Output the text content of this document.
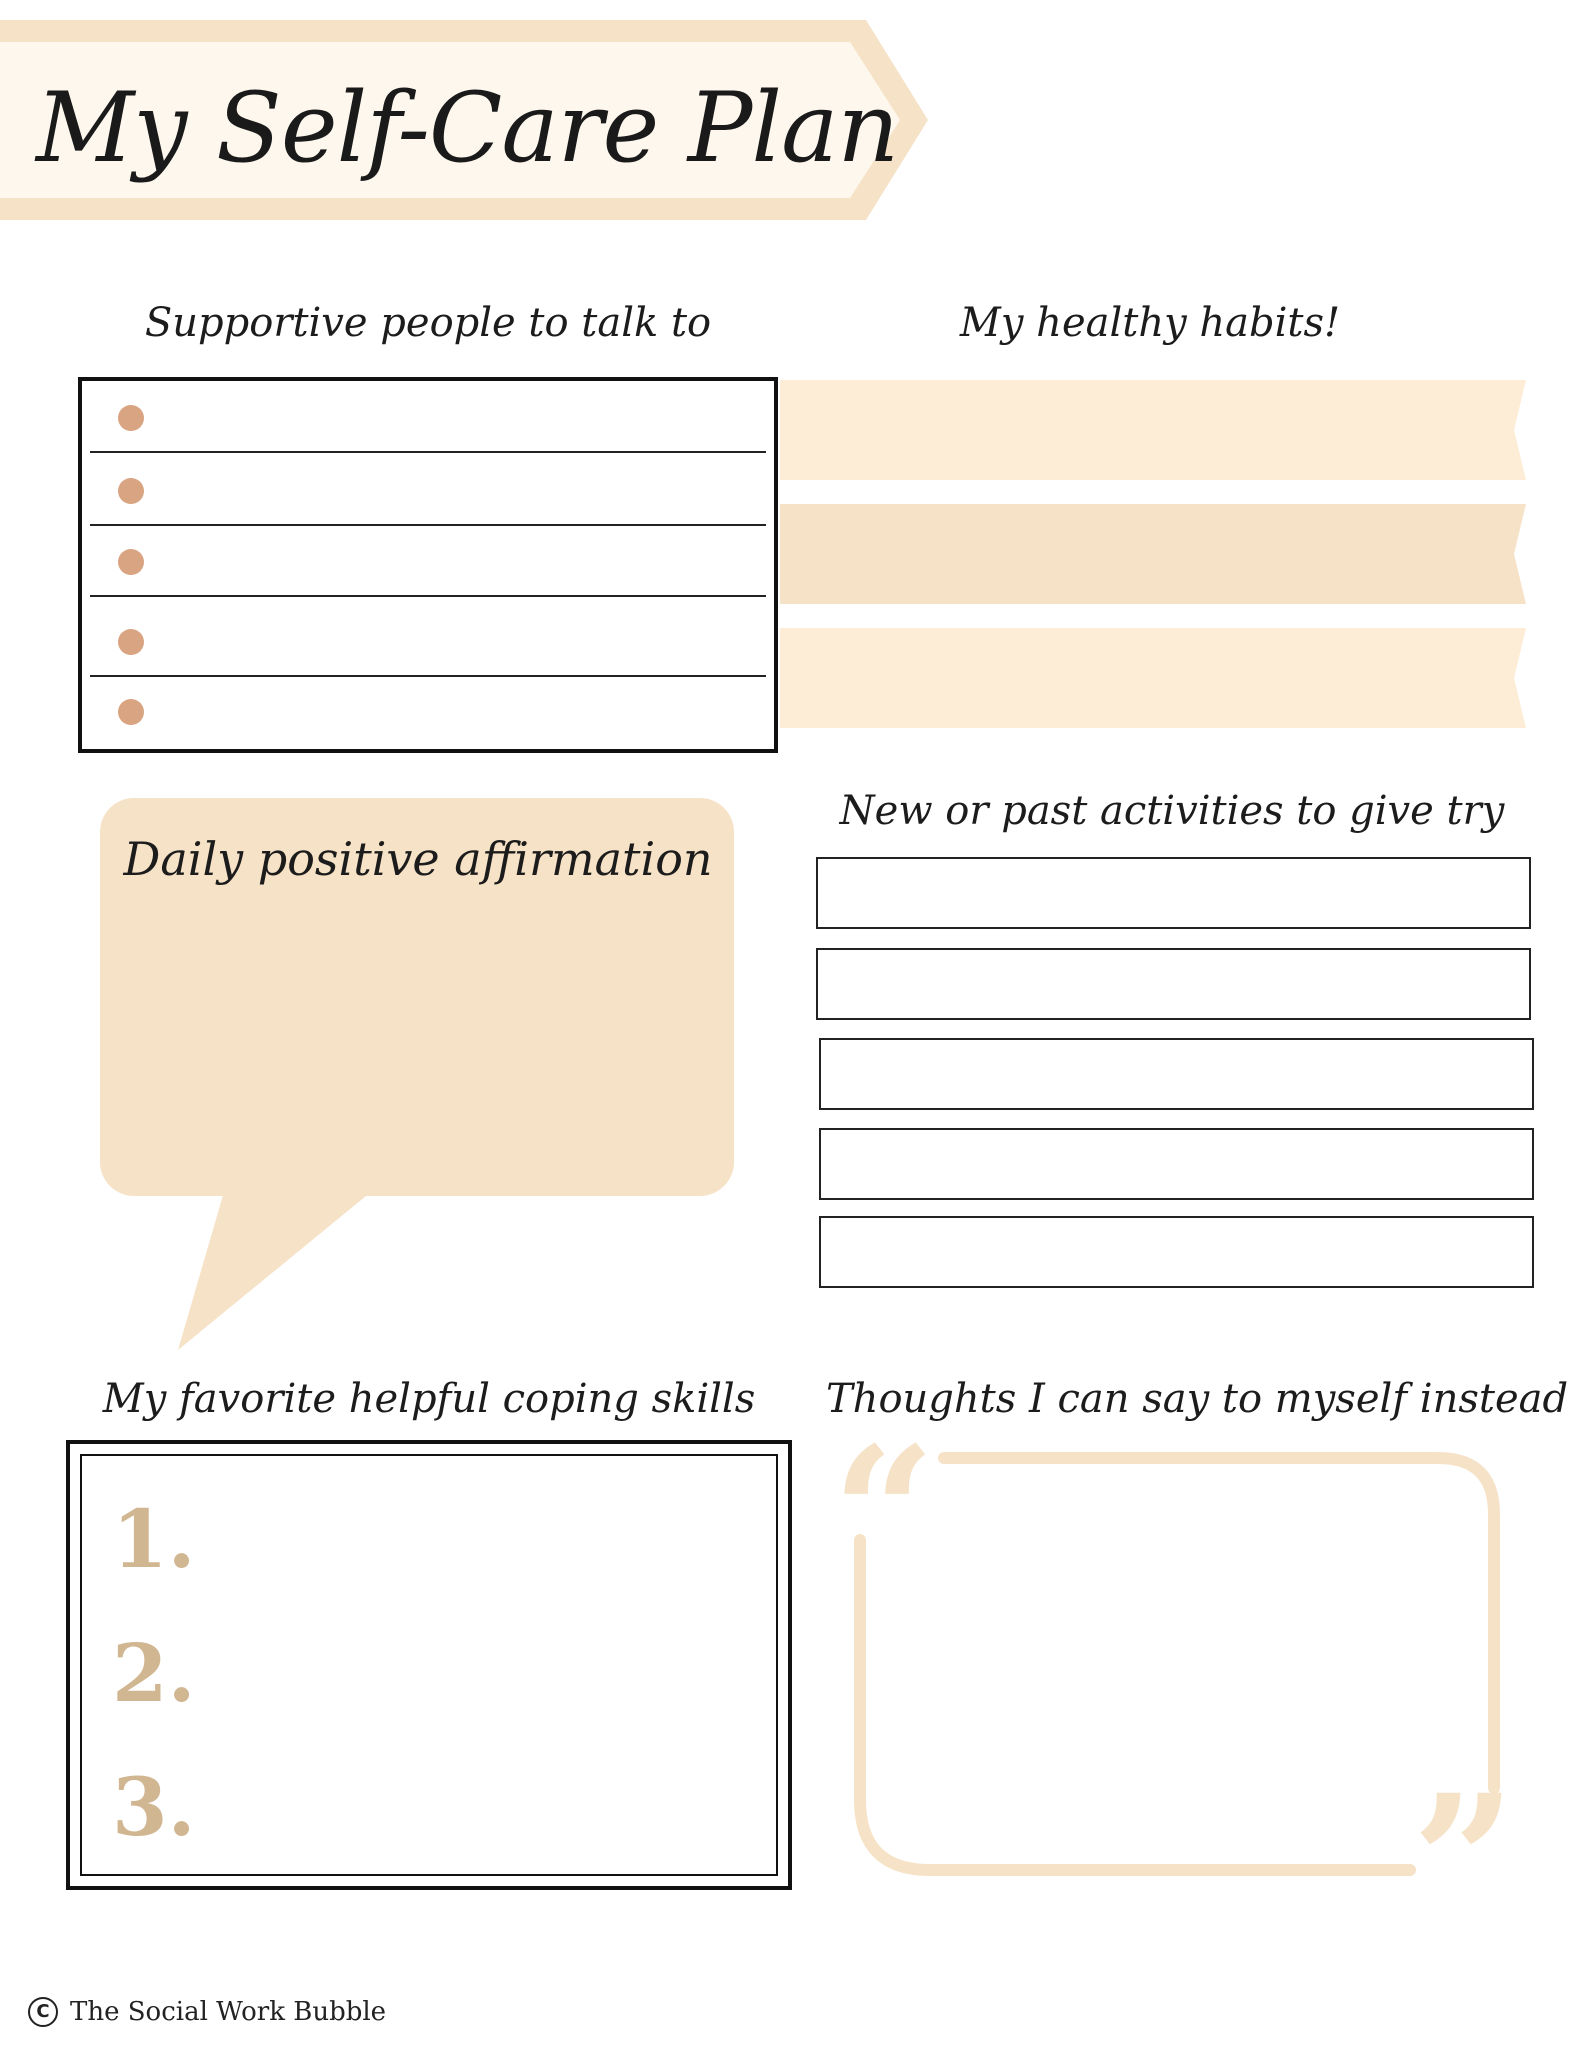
My Self-Care Plan
Supportive people to talk to	My healthy habits!
Daily positive affirmation
New or past activities to give try
My favorite helpful coping skills
1.
2.
3.
Thoughts I can say to myself instead
“
”
C The Social Work Bubble
